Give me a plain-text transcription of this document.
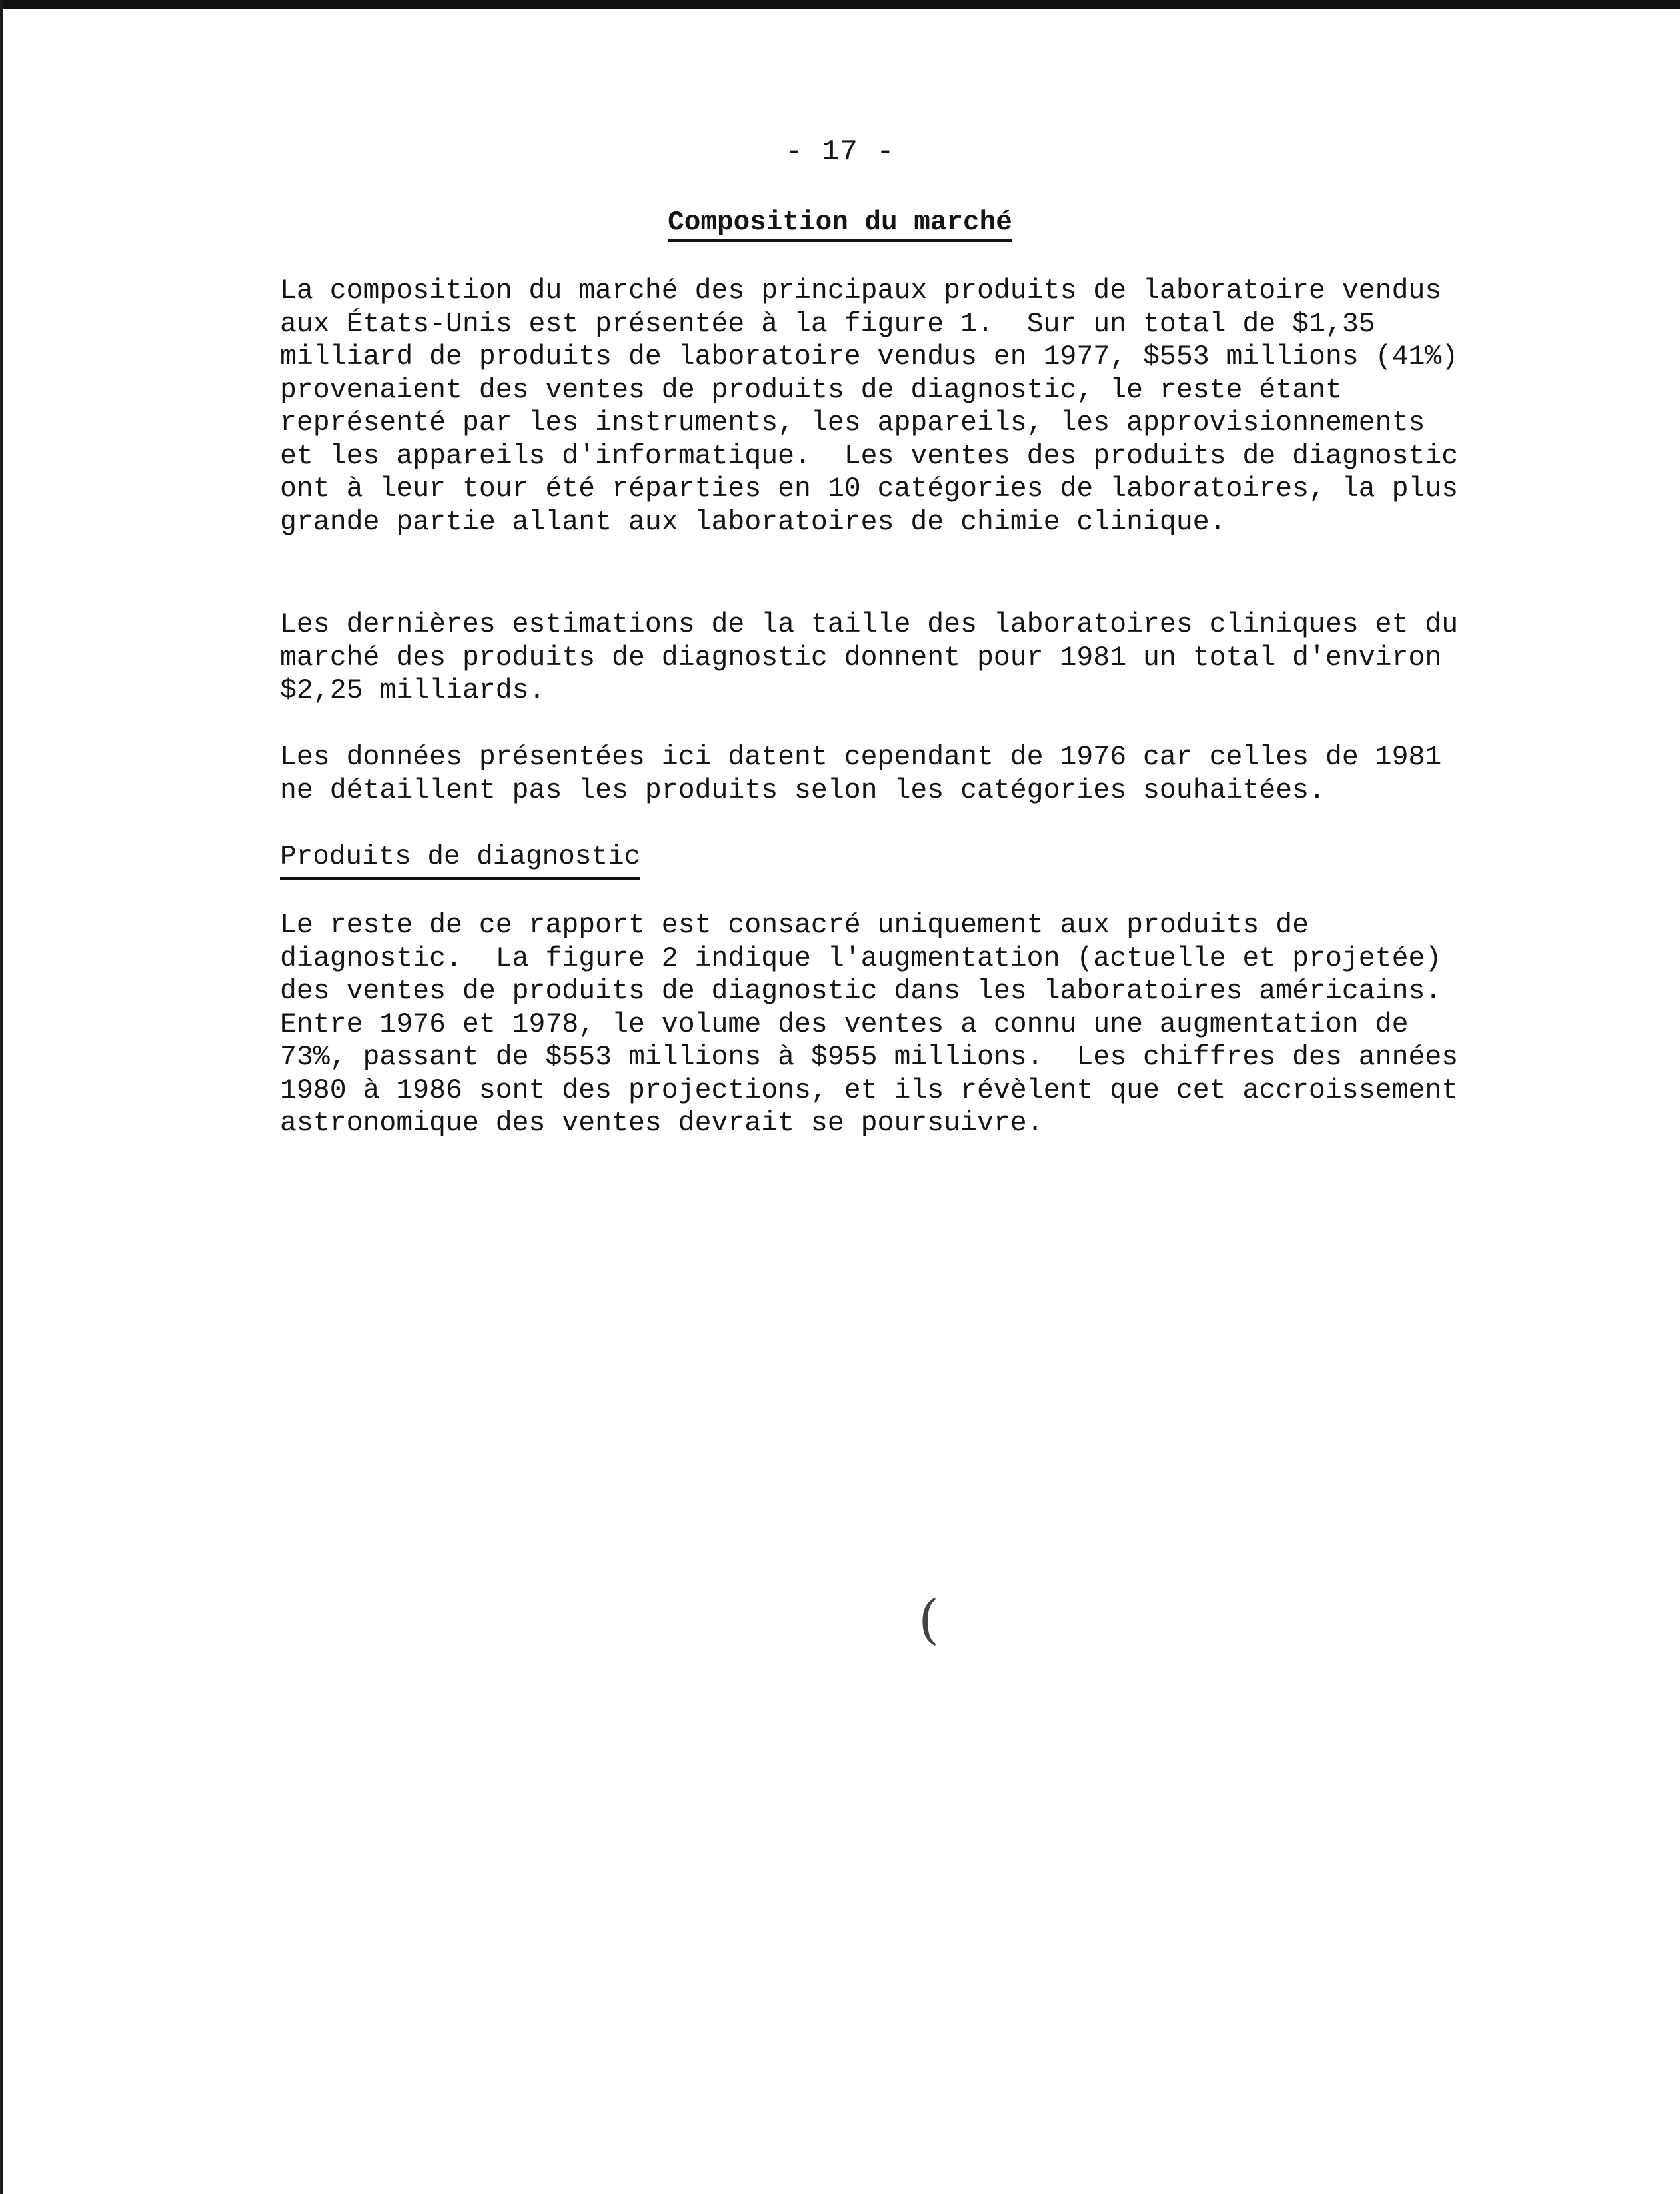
- 17 -
Composition du marché
La composition du marché des principaux produits de laboratoire vendus
aux États-Unis est présentée à la figure 1.  Sur un total de $1,35
milliard de produits de laboratoire vendus en 1977, $553 millions (41%)
provenaient des ventes de produits de diagnostic, le reste étant
représenté par les instruments, les appareils, les approvisionnements
et les appareils d'informatique.  Les ventes des produits de diagnostic
ont à leur tour été réparties en 10 catégories de laboratoires, la plus
grande partie allant aux laboratoires de chimie clinique.
Les dernières estimations de la taille des laboratoires cliniques et du
marché des produits de diagnostic donnent pour 1981 un total d'environ
$2,25 milliards.
Les données présentées ici datent cependant de 1976 car celles de 1981
ne détaillent pas les produits selon les catégories souhaitées.
Produits de diagnostic
Le reste de ce rapport est consacré uniquement aux produits de
diagnostic.  La figure 2 indique l'augmentation (actuelle et projetée)
des ventes de produits de diagnostic dans les laboratoires américains.
Entre 1976 et 1978, le volume des ventes a connu une augmentation de
73%, passant de $553 millions à $955 millions.  Les chiffres des années
1980 à 1986 sont des projections, et ils révèlent que cet accroissement
astronomique des ventes devrait se poursuivre.
(
